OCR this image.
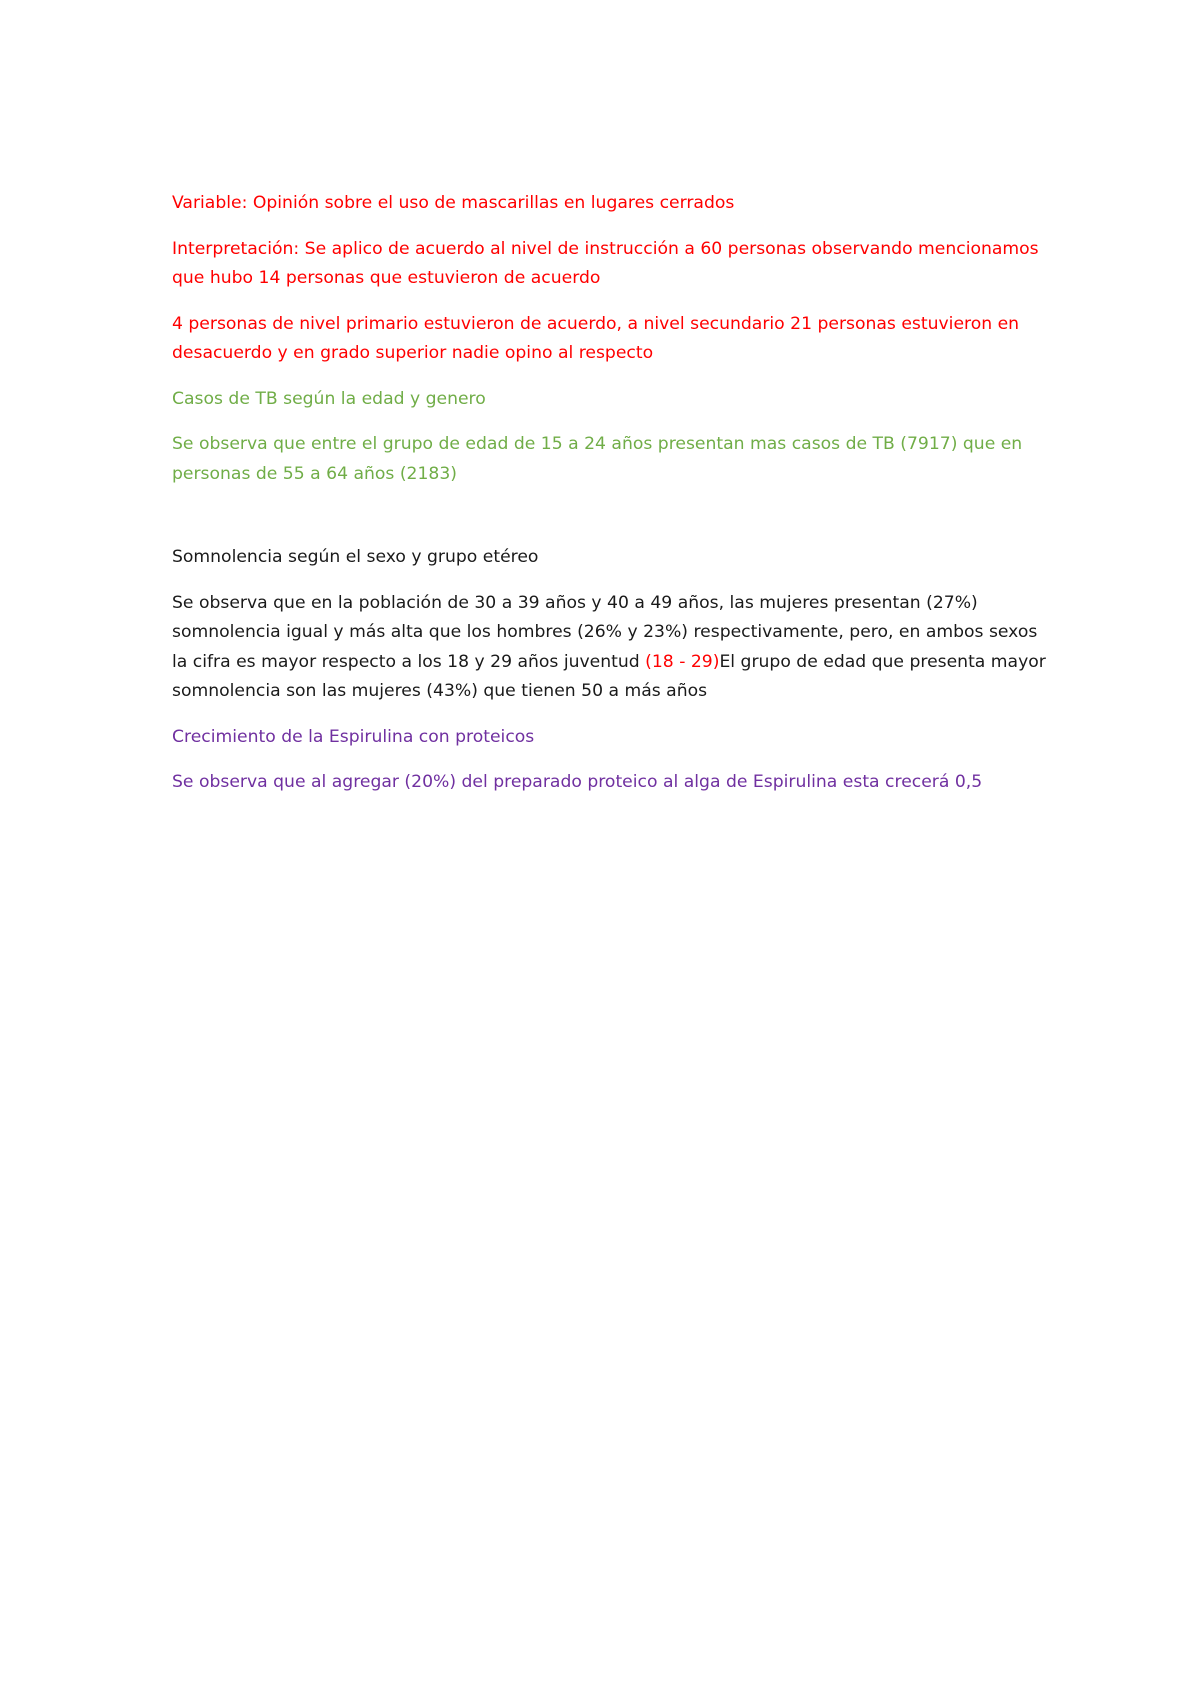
Variable: Opinión sobre el uso de mascarillas en lugares cerrados

Interpretación: Se aplico de acuerdo al nivel de instrucción a 60 personas observando mencionamos que hubo 14 personas que estuvieron de acuerdo

4 personas de nivel primario estuvieron de acuerdo, a nivel secundario 21 personas estuvieron en desacuerdo y en grado superior nadie opino al respecto

Casos de TB según la edad y genero

Se observa que entre el grupo de edad de 15 a 24 años presentan mas casos de TB (7917) que en personas de 55 a 64 años (2183)

Somnolencia según el sexo y grupo etéreo

Se observa que en la población de 30 a 39 años y 40 a 49 años, las mujeres presentan (27%) somnolencia igual y más alta que los hombres (26% y 23%) respectivamente, pero, en ambos sexos la cifra es mayor respecto a los 18 y 29 años juventud (18 - 29)El grupo de edad que presenta mayor somnolencia son las mujeres (43%) que tienen 50 a más años

Crecimiento de la Espirulina con proteicos

Se observa que al agregar (20%) del preparado proteico al alga de Espirulina esta crecerá 0,5
